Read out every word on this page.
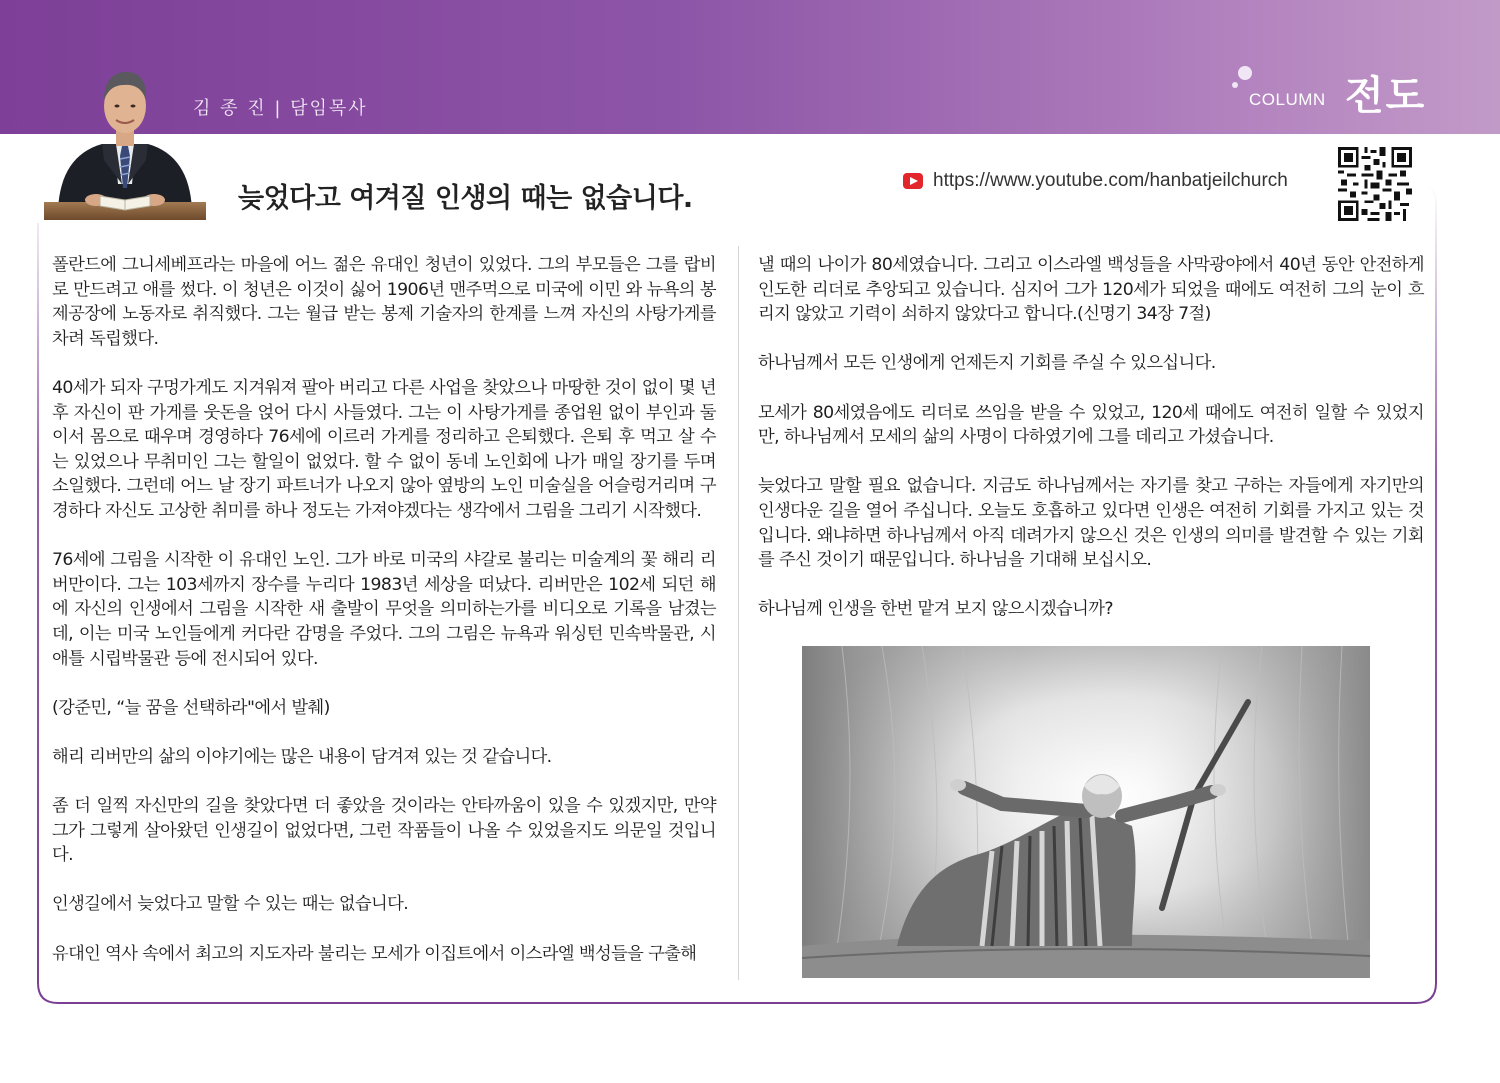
김 종 진 | 담임목사	COLUMN 전도
늦었다고 여겨질 인생의 때는 없습니다.
https://www.youtube.com/hanbatjeilchurch

폴란드에 그니세베프라는 마을에 어느 젊은 유대인 청년이 있었다. 그의 부모들은 그를 랍비로 만드려고 애를 썼다. 이 청년은 이것이 싫어 1906년 맨주먹으로 미국에 이민 와 뉴욕의 봉제공장에 노동자로 취직했다. 그는 월급 받는 봉제 기술자의 한계를 느껴 자신의 사탕가게를 차려 독립했다.

40세가 되자 구멍가게도 지겨워져 팔아 버리고 다른 사업을 찾았으나 마땅한 것이 없이 몇 년 후 자신이 판 가게를 웃돈을 얹어 다시 사들였다. 그는 이 사탕가게를 종업원 없이 부인과 둘이서 몸으로 때우며 경영하다 76세에 이르러 가게를 정리하고 은퇴했다. 은퇴 후 먹고 살 수는 있었으나 무취미인 그는 할일이 없었다. 할 수 없이 동네 노인회에 나가 매일 장기를 두며 소일했다. 그런데 어느 날 장기 파트너가 나오지 않아 옆방의 노인 미술실을 어슬렁거리며 구경하다 자신도 고상한 취미를 하나 정도는 가져야겠다는 생각에서 그림을 그리기 시작했다.

76세에 그림을 시작한 이 유대인 노인. 그가 바로 미국의 샤갈로 불리는 미술계의 꽃 해리 리버만이다. 그는 103세까지 장수를 누리다 1983년 세상을 떠났다. 리버만은 102세 되던 해에 자신의 인생에서 그림을 시작한 새 출발이 무엇을 의미하는가를 비디오로 기록을 남겼는데, 이는 미국 노인들에게 커다란 감명을 주었다. 그의 그림은 뉴욕과 워싱턴 민속박물관, 시애틀 시립박물관 등에 전시되어 있다.

(강준민, “늘 꿈을 선택하라"에서 발췌)

해리 리버만의 삶의 이야기에는 많은 내용이 담겨져 있는 것 같습니다.

좀 더 일찍 자신만의 길을 찾았다면 더 좋았을 것이라는 안타까움이 있을 수 있겠지만, 만약 그가 그렇게 살아왔던 인생길이 없었다면, 그런 작품들이 나올 수 있었을지도 의문일 것입니다.

인생길에서 늦었다고 말할 수 있는 때는 없습니다.

유대인 역사 속에서 최고의 지도자라 불리는 모세가 이집트에서 이스라엘 백성들을 구출해

낼 때의 나이가 80세였습니다. 그리고 이스라엘 백성들을 사막광야에서 40년 동안 안전하게 인도한 리더로 추앙되고 있습니다. 심지어 그가 120세가 되었을 때에도 여전히 그의 눈이 흐리지 않았고 기력이 쇠하지 않았다고 합니다.(신명기 34장 7절)

하나님께서 모든 인생에게 언제든지 기회를 주실 수 있으십니다.

모세가 80세였음에도 리더로 쓰임을 받을 수 있었고, 120세 때에도 여전히 일할 수 있었지만, 하나님께서 모세의 삶의 사명이 다하였기에 그를 데리고 가셨습니다.

늦었다고 말할 필요 없습니다. 지금도 하나님께서는 자기를 찾고 구하는 자들에게 자기만의 인생다운 길을 열어 주십니다. 오늘도 호흡하고 있다면 인생은 여전히 기회를 가지고 있는 것입니다. 왜냐하면 하나님께서 아직 데려가지 않으신 것은 인생의 의미를 발견할 수 있는 기회를 주신 것이기 때문입니다. 하나님을 기대해 보십시오.

하나님께 인생을 한번 맡겨 보지 않으시겠습니까?
